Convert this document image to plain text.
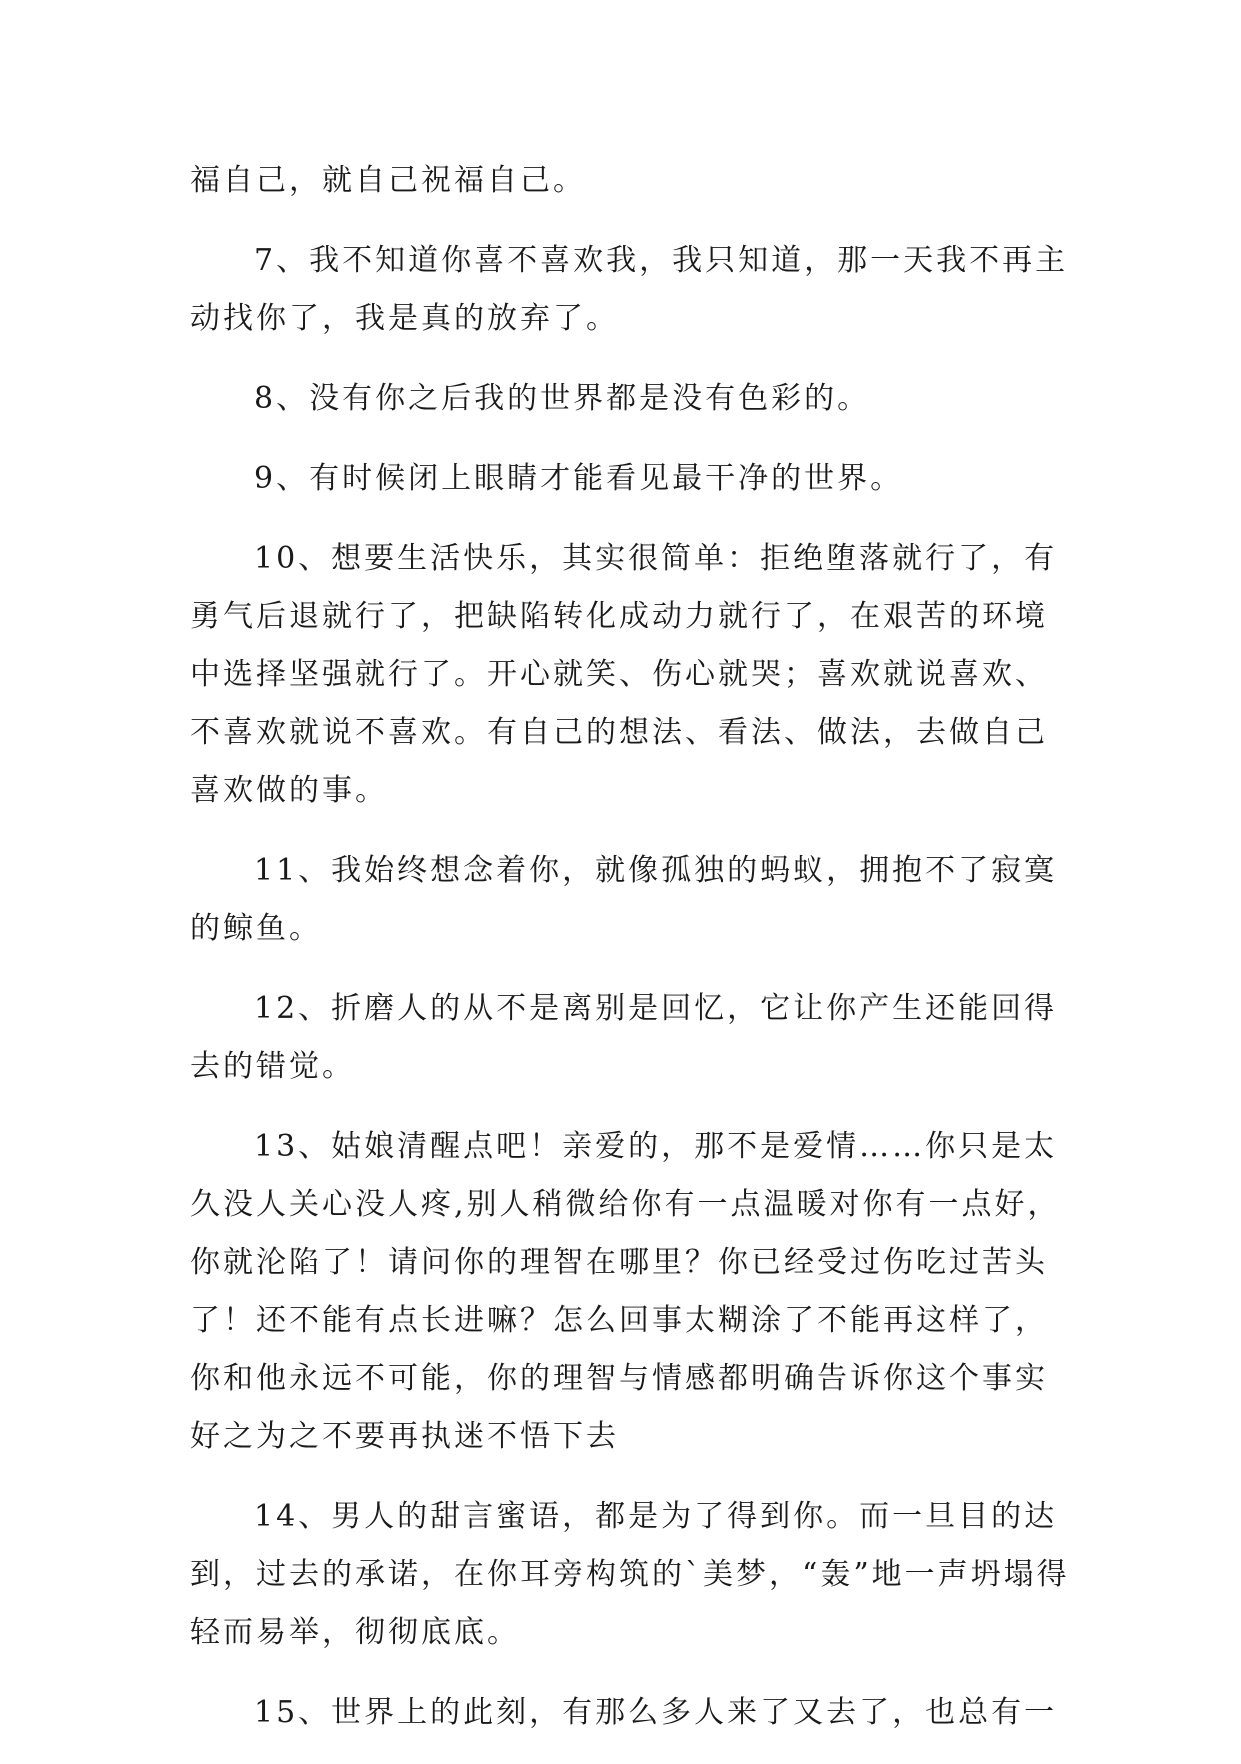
福自己，就自己祝福自己。

7、我不知道你喜不喜欢我，我只知道，那一天我不再主动找你了，我是真的放弃了。

8、没有你之后我的世界都是没有色彩的。

9、有时候闭上眼睛才能看见最干净的世界。

10、想要生活快乐，其实很简单：拒绝堕落就行了，有勇气后退就行了，把缺陷转化成动力就行了，在艰苦的环境中选择坚强就行了。开心就笑、伤心就哭；喜欢就说喜欢、不喜欢就说不喜欢。有自己的想法、看法、做法，去做自己喜欢做的事。

11、我始终想念着你，就像孤独的蚂蚁，拥抱不了寂寞的鲸鱼。

12、折磨人的从不是离别是回忆，它让你产生还能回得去的错觉。

13、姑娘清醒点吧！亲爱的，那不是爱情……你只是太久没人关心没人疼,别人稍微给你有一点温暖对你有一点好，你就沦陷了！请问你的理智在哪里？你已经受过伤吃过苦头了！还不能有点长进嘛？怎么回事太糊涂了不能再这样了，你和他永远不可能，你的理智与情感都明确告诉你这个事实好之为之不要再执迷不悟下去

14、男人的甜言蜜语，都是为了得到你。而一旦目的达到，过去的承诺，在你耳旁构筑的`美梦，“轰”地一声坍塌得轻而易举，彻彻底底。

15、世界上的此刻，有那么多人来了又去了，也总有一
